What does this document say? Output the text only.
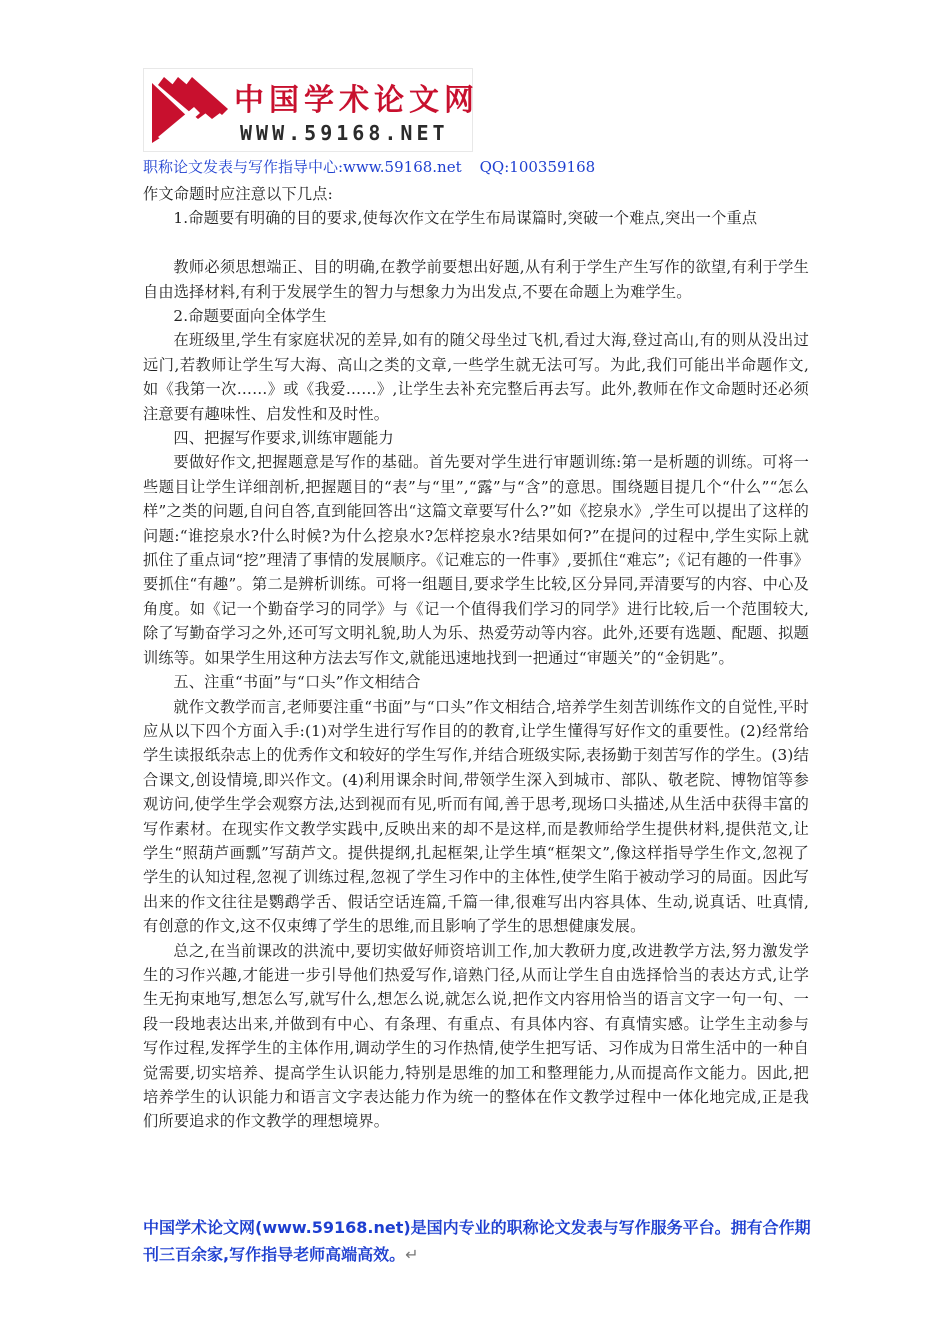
中国学术论文网
WWW.59168.NET
职称论文发表与写作指导中心:www.59168.net QQ:100359168

作文命题时应注意以下几点:

1.命题要有明确的目的要求,使每次作文在学生布局谋篇时,突破一个难点,突出一个重点

教师必须思想端正、目的明确,在教学前要想出好题,从有利于学生产生写作的欲望,有利于学生自由选择材料,有利于发展学生的智力与想象力为出发点,不要在命题上为难学生。

2.命题要面向全体学生

在班级里,学生有家庭状况的差异,如有的随父母坐过飞机,看过大海,登过高山,有的则从没出过远门,若教师让学生写大海、高山之类的文章,一些学生就无法可写。为此,我们可能出半命题作文,如《我第一次……》或《我爱……》,让学生去补充完整后再去写。此外,教师在作文命题时还必须注意要有趣味性、启发性和及时性。

四、把握写作要求,训练审题能力

要做好作文,把握题意是写作的基础。首先要对学生进行审题训练:第一是析题的训练。可将一些题目让学生详细剖析,把握题目的“表”与“里”,“露”与“含”的意思。围绕题目提几个“什么”“怎么样”之类的问题,自问自答,直到能回答出“这篇文章要写什么?”如《挖泉水》,学生可以提出了这样的问题:“谁挖泉水?什么时候?为什么挖泉水?怎样挖泉水?结果如何?”在提问的过程中,学生实际上就抓住了重点词“挖”理清了事情的发展顺序。《记难忘的一件事》,要抓住“难忘”;《记有趣的一件事》要抓住“有趣”。第二是辨析训练。可将一组题目,要求学生比较,区分异同,弄清要写的内容、中心及角度。如《记一个勤奋学习的同学》与《记一个值得我们学习的同学》进行比较,后一个范围较大,除了写勤奋学习之外,还可写文明礼貌,助人为乐、热爱劳动等内容。此外,还要有选题、配题、拟题训练等。如果学生用这种方法去写作文,就能迅速地找到一把通过“审题关”的“金钥匙”。

五、注重“书面”与“口头”作文相结合

就作文教学而言,老师要注重“书面”与“口头”作文相结合,培养学生刻苦训练作文的自觉性,平时应从以下四个方面入手:(1)对学生进行写作目的的教育,让学生懂得写好作文的重要性。(2)经常给学生读报纸杂志上的优秀作文和较好的学生写作,并结合班级实际,表扬勤于刻苦写作的学生。(3)结合课文,创设情境,即兴作文。(4)利用课余时间,带领学生深入到城市、部队、敬老院、博物馆等参观访问,使学生学会观察方法,达到视而有见,听而有闻,善于思考,现场口头描述,从生活中获得丰富的写作素材。在现实作文教学实践中,反映出来的却不是这样,而是教师给学生提供材料,提供范文,让学生“照葫芦画瓢”写葫芦文。提供提纲,扎起框架,让学生填“框架文”,像这样指导学生作文,忽视了学生的认知过程,忽视了训练过程,忽视了学生习作中的主体性,使学生陷于被动学习的局面。因此写出来的作文往往是鹦鹉学舌、假话空话连篇,千篇一律,很难写出内容具体、生动,说真话、吐真情,有创意的作文,这不仅束缚了学生的思维,而且影响了学生的思想健康发展。

总之,在当前课改的洪流中,要切实做好师资培训工作,加大教研力度,改进教学方法,努力激发学生的习作兴趣,才能进一步引导他们热爱写作,谙熟门径,从而让学生自由选择恰当的表达方式,让学生无拘束地写,想怎么写,就写什么,想怎么说,就怎么说,把作文内容用恰当的语言文字一句一句、一段一段地表达出来,并做到有中心、有条理、有重点、有具体内容、有真情实感。让学生主动参与写作过程,发挥学生的主体作用,调动学生的习作热情,使学生把写话、习作成为日常生活中的一种自觉需要,切实培养、提高学生认识能力,特别是思维的加工和整理能力,从而提高作文能力。因此,把培养学生的认识能力和语言文字表达能力作为统一的整体在作文教学过程中一体化地完成,正是我们所要追求的作文教学的理想境界。

中国学术论文网(www.59168.net)是国内专业的职称论文发表与写作服务平台。拥有合作期刊三百余家,写作指导老师高端高效。↵
